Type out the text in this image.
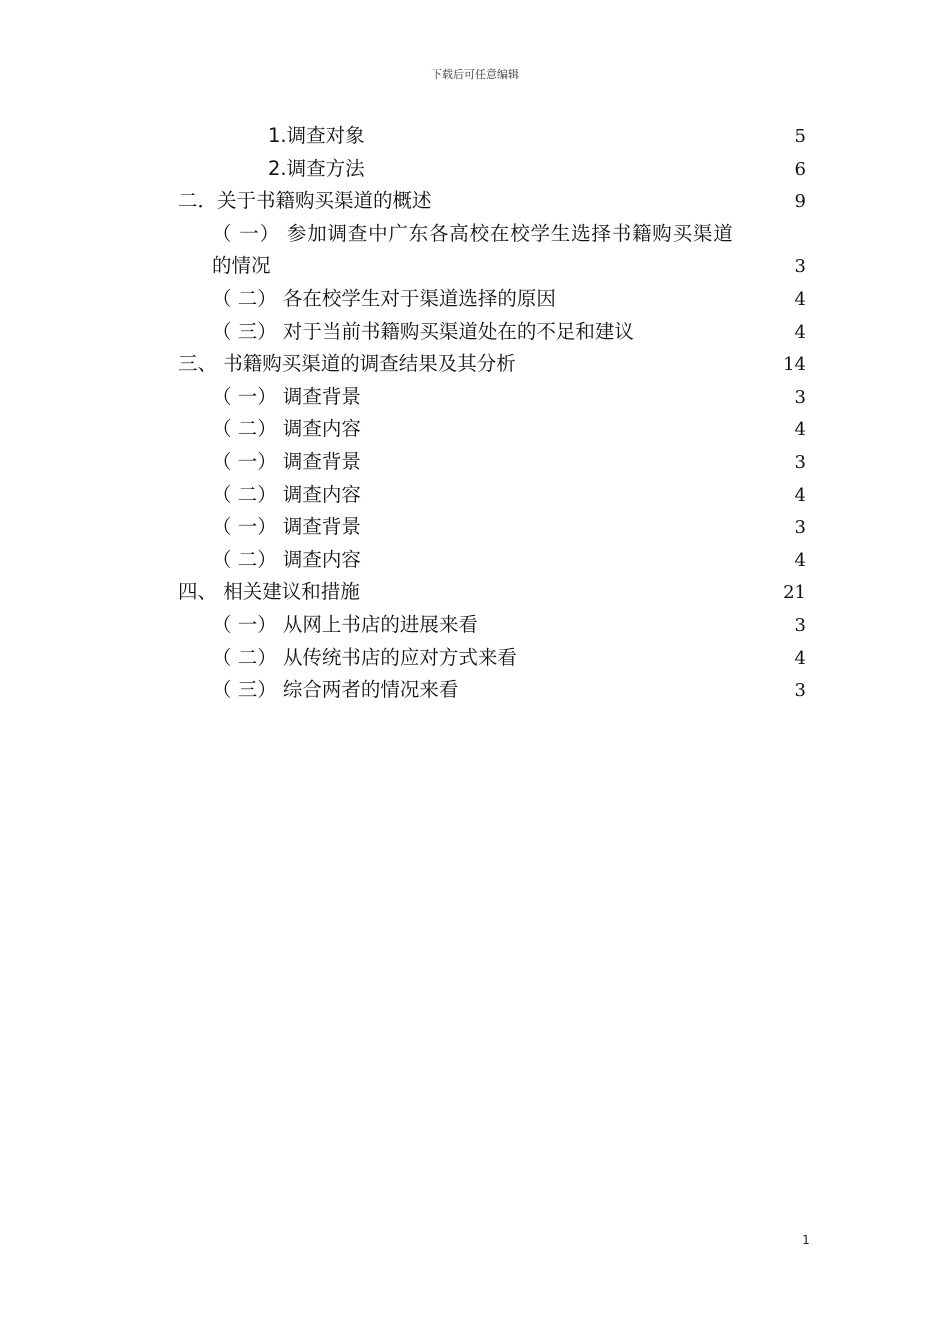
下载后可任意编辑
1.调查对象	5
2.调查方法	6
二．关于书籍购买渠道的概述	9
（ 一） 参加调查中广东各高校在校学生选择书籍购买渠道
的情况	3
（ 二） 各在校学生对于渠道选择的原因	4
（ 三） 对于当前书籍购买渠道处在的不足和建议	4
三、 书籍购买渠道的调查结果及其分析	14
（ 一） 调查背景	3
（ 二） 调查内容	4
（ 一） 调查背景	3
（ 二） 调查内容	4
（ 一） 调查背景	3
（ 二） 调查内容	4
四、 相关建议和措施	21
（ 一） 从网上书店的进展来看	3
（ 二） 从传统书店的应对方式来看	4
（ 三） 综合两者的情况来看	3
1
